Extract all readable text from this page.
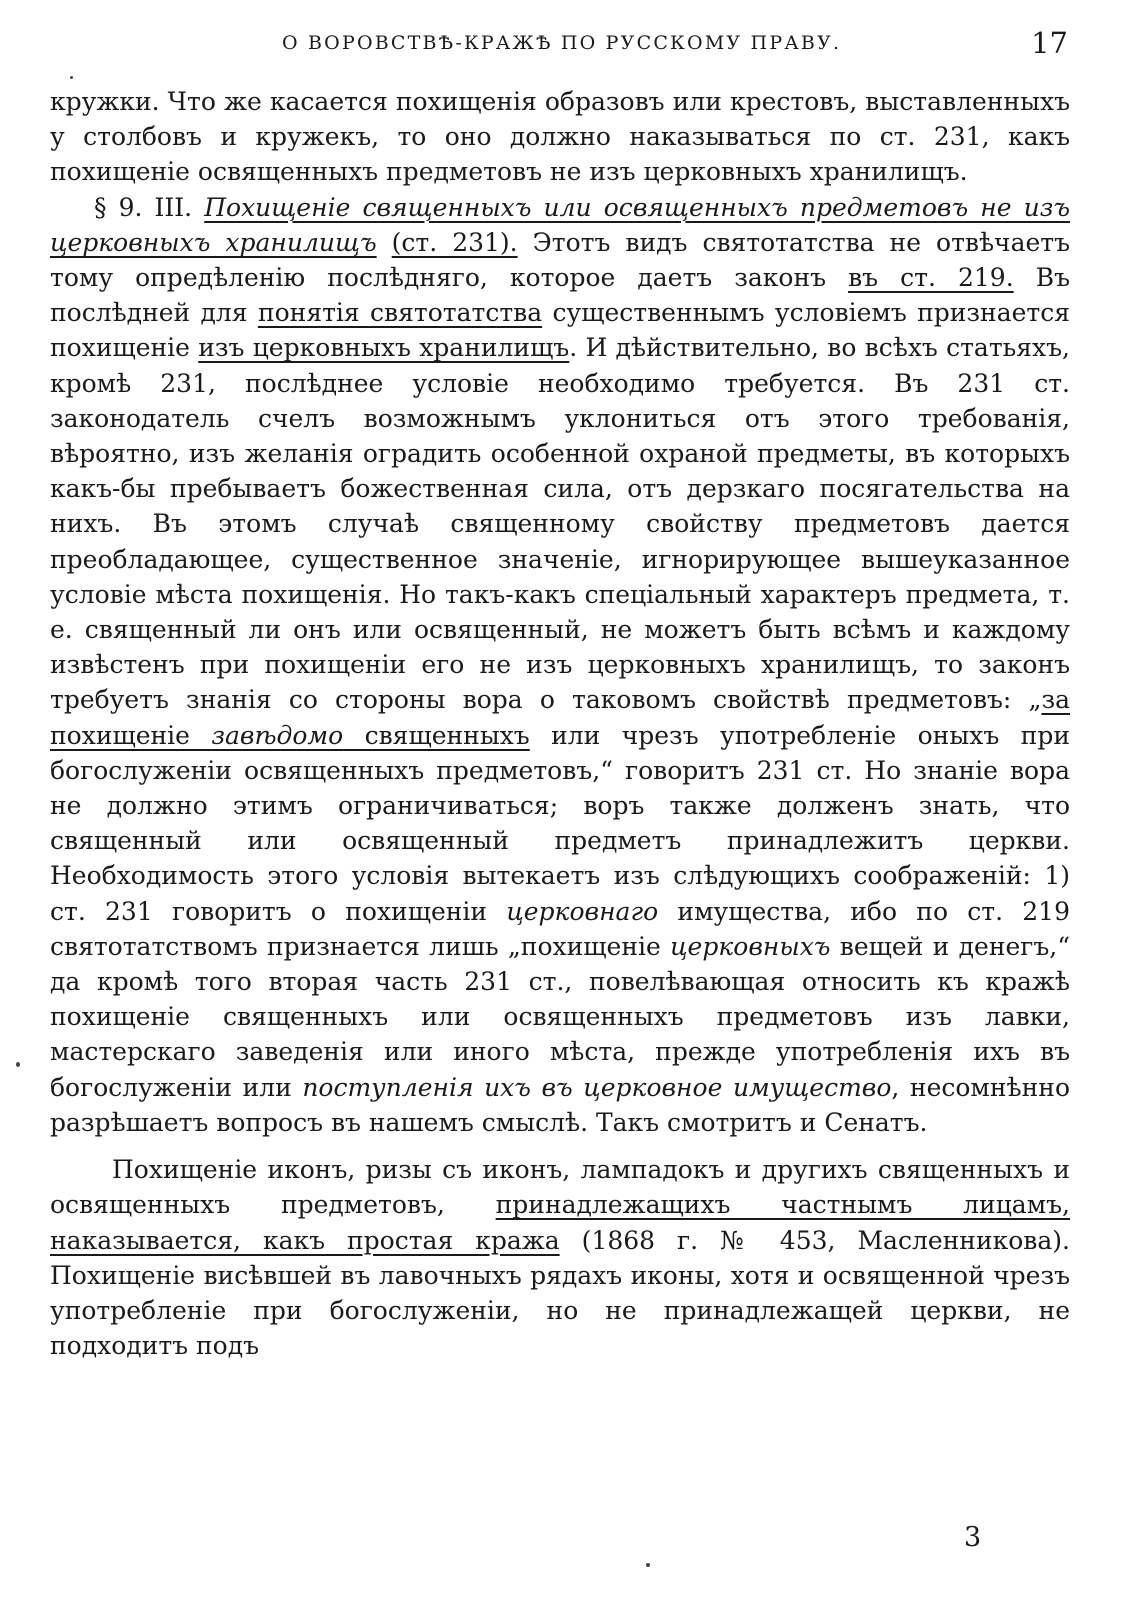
О ВОРОВСТВѢ-КРАЖѢ ПО РУССКОМУ ПРАВУ.	17

кружки. Что же касается похищенія образовъ или крестовъ, выставленныхъ у столбовъ и кружекъ, то оно должно наказываться по ст. 231, какъ похищеніе освященныхъ предметовъ не изъ церковныхъ хранилищъ.

§ 9. III. Похищеніе священныхъ или освященныхъ предметовъ не изъ церковныхъ хранилищъ (ст. 231). Этотъ видъ святотатства не отвѣчаетъ тому опредѣленію послѣдняго, которое даетъ законъ въ ст. 219. Въ послѣдней для понятія святотатства существеннымъ условіемъ признается похищеніе изъ церковныхъ хранилищъ. И дѣйствительно, во всѣхъ статьяхъ, кромѣ 231, послѣднее условіе необходимо требуется. Въ 231 ст. законодатель счелъ возможнымъ уклониться отъ этого требованія, вѣроятно, изъ желанія оградить особенной охраной предметы, въ которыхъ какъ-бы пребываетъ божественная сила, отъ дерзкаго посягательства на нихъ. Въ этомъ случаѣ священному свойству предметовъ дается преобладающее, существенное значеніе, игнорирующее вышеуказанное условіе мѣста похищенія. Но такъ-какъ спеціальный характеръ предмета, т. е. священный ли онъ или освященный, не можетъ быть всѣмъ и каждому извѣстенъ при похищеніи его не изъ церковныхъ хранилищъ, то законъ требуетъ знанія со стороны вора о таковомъ свойствѣ предметовъ: „за похищеніе завѣдомо священныхъ или чрезъ употребленіе оныхъ при богослуженіи освященныхъ предметовъ,“ говоритъ 231 ст. Но знаніе вора не должно этимъ ограничиваться; воръ также долженъ знать, что священный или освященный предметъ принадлежитъ церкви. Необходимость этого условія вытекаетъ изъ слѣдующихъ соображеній: 1) ст. 231 говоритъ о похищеніи церковнаго имущества, ибо по ст. 219 святотатствомъ признается лишь „похищеніе церковныхъ вещей и денегъ,“ да кромѣ того вторая часть 231 ст., повелѣвающая относить къ кражѣ похищеніе священныхъ или освященныхъ предметовъ изъ лавки, мастерскаго заведенія или иного мѣста, прежде употребленія ихъ въ богослуженіи или поступленія ихъ въ церковное имущество, несомнѣнно разрѣшаетъ вопросъ въ нашемъ смыслѣ. Такъ смотритъ и Сенатъ.

Похищеніе иконъ, ризы съ иконъ, лампадокъ и другихъ священныхъ и освященныхъ предметовъ, принадлежащихъ частнымъ лицамъ, наказывается, какъ простая кража (1868 г. № 453, Масленникова). Похищеніе висѣвшей въ лавочныхъ рядахъ иконы, хотя и освященной чрезъ употребленіе при богослуженіи, но не принадлежащей церкви, не подходитъ подъ

3
